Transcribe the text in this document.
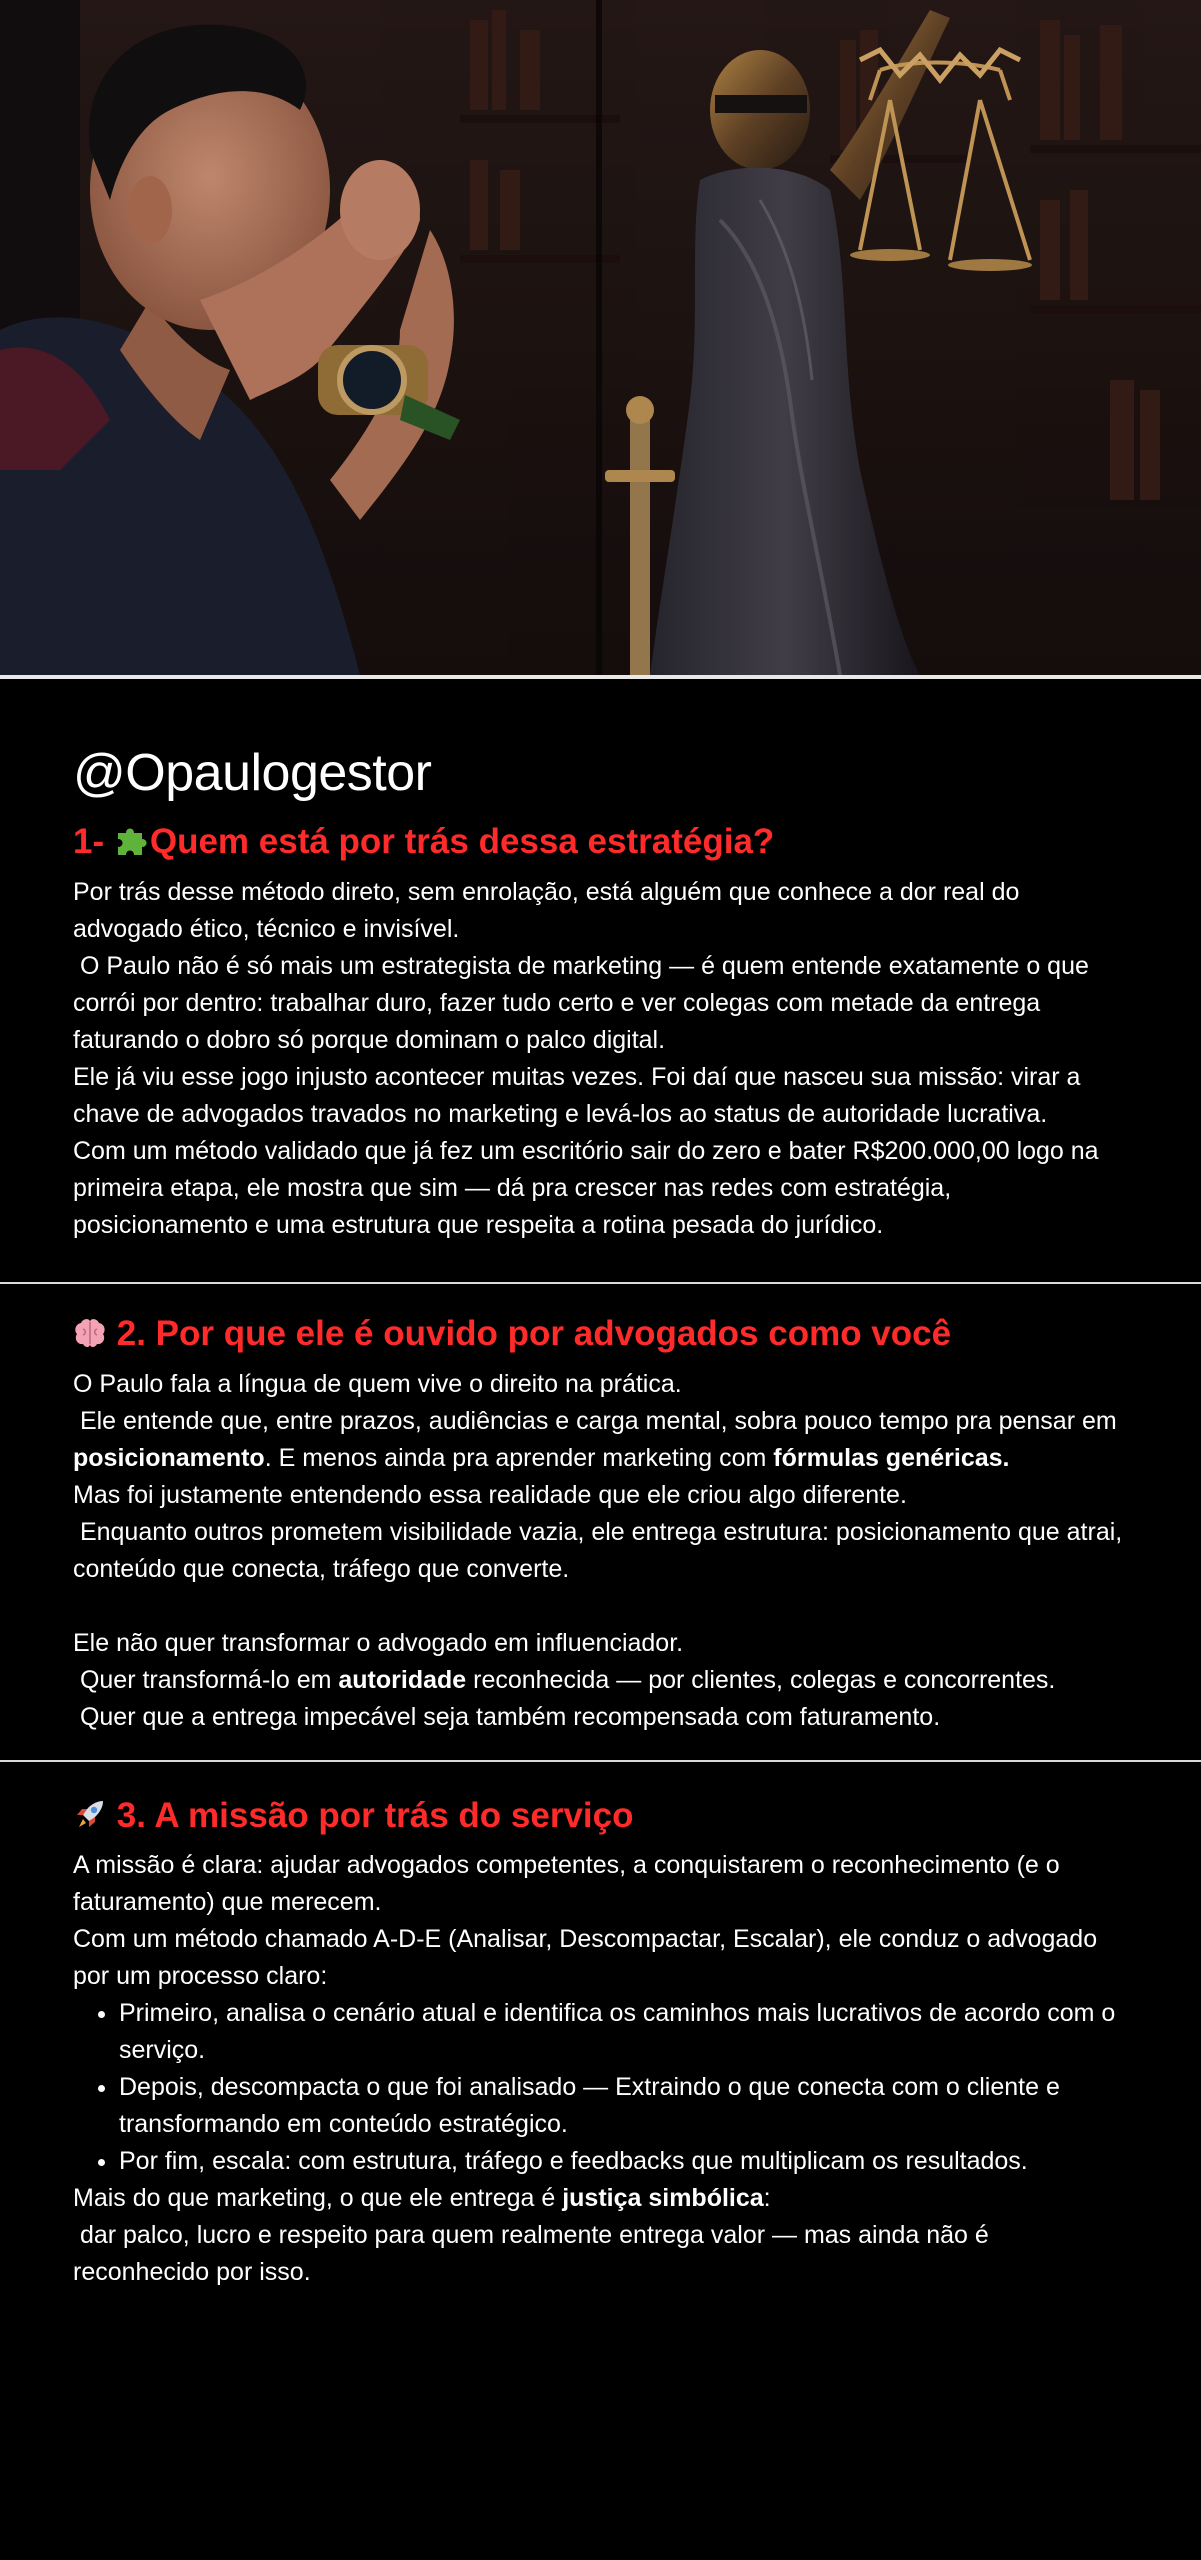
@Opaulogestor
1- Quem está por trás dessa estratégia?

Por trás desse método direto, sem enrolação, está alguém que conhece a dor real do advogado ético, técnico e invisível.

O Paulo não é só mais um estrategista de marketing — é quem entende exatamente o que corrói por dentro: trabalhar duro, fazer tudo certo e ver colegas com metade da entrega faturando o dobro só porque dominam o palco digital.

Ele já viu esse jogo injusto acontecer muitas vezes. Foi daí que nasceu sua missão: virar a chave de advogados travados no marketing e levá-los ao status de autoridade lucrativa.

Com um método validado que já fez um escritório sair do zero e bater R$200.000,00 logo na primeira etapa, ele mostra que sim — dá pra crescer nas redes com estratégia, posicionamento e uma estrutura que respeita a rotina pesada do jurídico.

2. Por que ele é ouvido por advogados como você

O Paulo fala a língua de quem vive o direito na prática.

Ele entende que, entre prazos, audiências e carga mental, sobra pouco tempo pra pensar em posicionamento. E menos ainda pra aprender marketing com fórmulas genéricas.

Mas foi justamente entendendo essa realidade que ele criou algo diferente.

Enquanto outros prometem visibilidade vazia, ele entrega estrutura: posicionamento que atrai, conteúdo que conecta, tráfego que converte.

Ele não quer transformar o advogado em influenciador.

Quer transformá-lo em autoridade reconhecida — por clientes, colegas e concorrentes.

Quer que a entrega impecável seja também recompensada com faturamento.

3. A missão por trás do serviço

A missão é clara: ajudar advogados competentes, a conquistarem o reconhecimento (e o faturamento) que merecem.

Com um método chamado A-D-E (Analisar, Descompactar, Escalar), ele conduz o advogado por um processo claro:

• Primeiro, analisa o cenário atual e identifica os caminhos mais lucrativos de acordo com o serviço.
• Depois, descompacta o que foi analisado — Extraindo o que conecta com o cliente e transformando em conteúdo estratégico.
• Por fim, escala: com estrutura, tráfego e feedbacks que multiplicam os resultados.

Mais do que marketing, o que ele entrega é justiça simbólica:

dar palco, lucro e respeito para quem realmente entrega valor — mas ainda não é reconhecido por isso.
